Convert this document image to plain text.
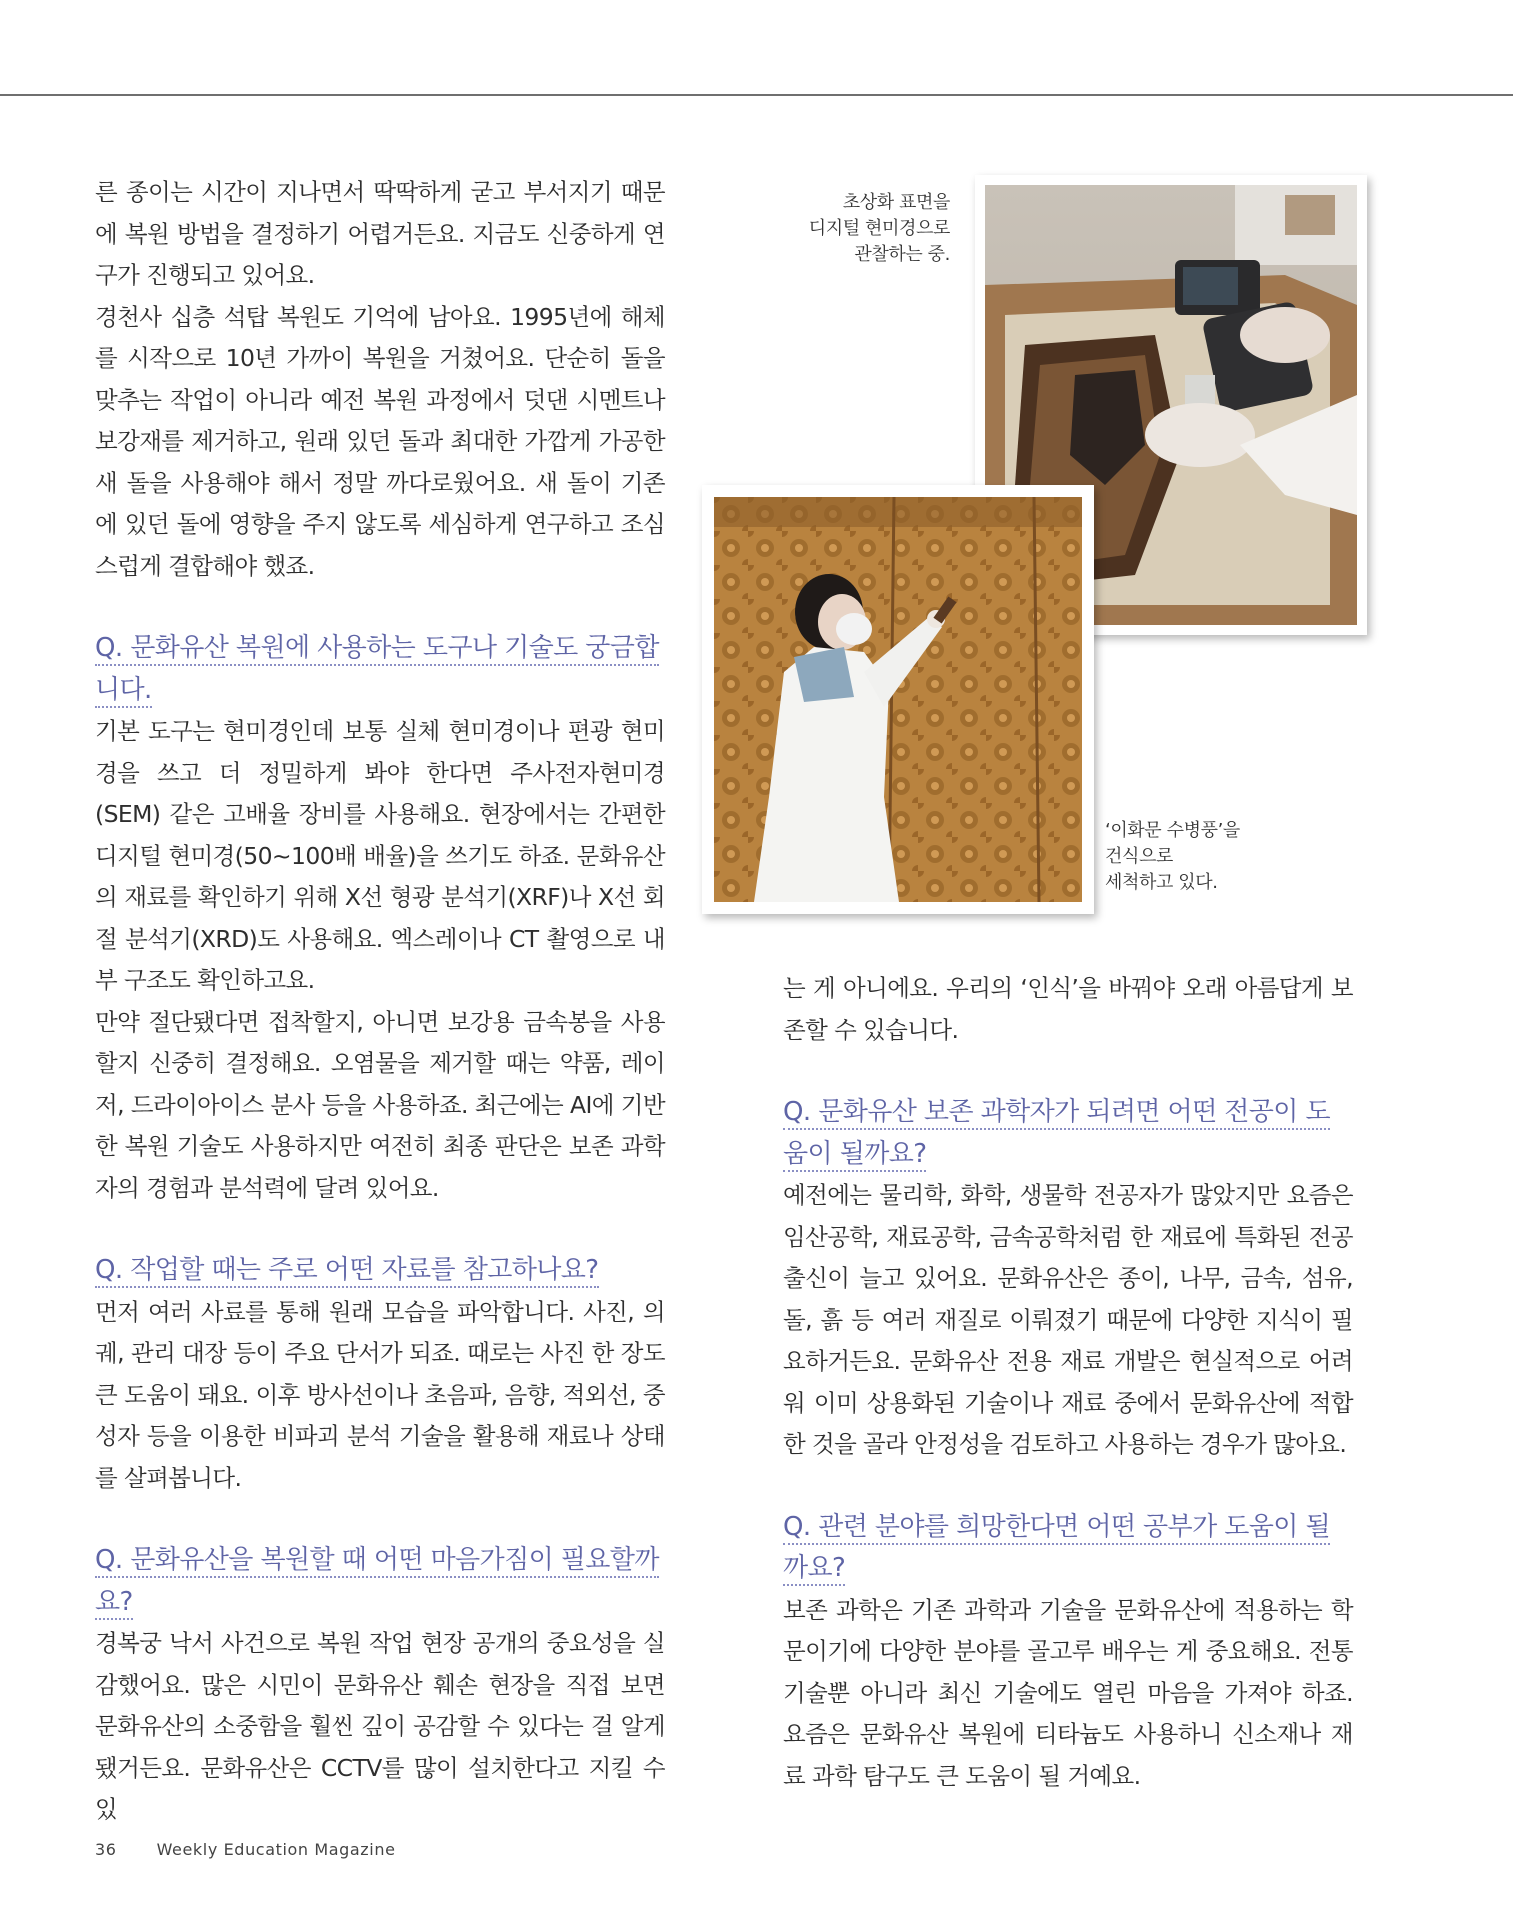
른 종이는 시간이 지나면서 딱딱하게 굳고 부서지기 때문에 복원 방법을 결정하기 어렵거든요. 지금도 신중하게 연구가 진행되고 있어요.

경천사 십층 석탑 복원도 기억에 남아요. 1995년에 해체를 시작으로 10년 가까이 복원을 거쳤어요. 단순히 돌을 맞추는 작업이 아니라 예전 복원 과정에서 덧댄 시멘트나 보강재를 제거하고, 원래 있던 돌과 최대한 가깝게 가공한 새 돌을 사용해야 해서 정말 까다로웠어요. 새 돌이 기존에 있던 돌에 영향을 주지 않도록 세심하게 연구하고 조심스럽게 결합해야 했죠.

Q. 문화유산 복원에 사용하는 도구나 기술도 궁금합니다.

기본 도구는 현미경인데 보통 실체 현미경이나 편광 현미경을 쓰고 더 정밀하게 봐야 한다면 주사전자현미경(SEM) 같은 고배율 장비를 사용해요. 현장에서는 간편한 디지털 현미경(50~100배 배율)을 쓰기도 하죠. 문화유산의 재료를 확인하기 위해 X선 형광 분석기(XRF)나 X선 회절 분석기(XRD)도 사용해요. 엑스레이나 CT 촬영으로 내부 구조도 확인하고요.

만약 절단됐다면 접착할지, 아니면 보강용 금속봉을 사용할지 신중히 결정해요. 오염물을 제거할 때는 약품, 레이저, 드라이아이스 분사 등을 사용하죠. 최근에는 AI에 기반한 복원 기술도 사용하지만 여전히 최종 판단은 보존 과학자의 경험과 분석력에 달려 있어요.

Q. 작업할 때는 주로 어떤 자료를 참고하나요?

먼저 여러 사료를 통해 원래 모습을 파악합니다. 사진, 의궤, 관리 대장 등이 주요 단서가 되죠. 때로는 사진 한 장도 큰 도움이 돼요. 이후 방사선이나 초음파, 음향, 적외선, 중성자 등을 이용한 비파괴 분석 기술을 활용해 재료나 상태를 살펴봅니다.

Q. 문화유산을 복원할 때 어떤 마음가짐이 필요할까요?

경복궁 낙서 사건으로 복원 작업 현장 공개의 중요성을 실감했어요. 많은 시민이 문화유산 훼손 현장을 직접 보면 문화유산의 소중함을 훨씬 깊이 공감할 수 있다는 걸 알게 됐거든요. 문화유산은 CCTV를 많이 설치한다고 지킬 수 있

는 게 아니에요. 우리의 ‘인식’을 바꿔야 오래 아름답게 보존할 수 있습니다.

Q. 문화유산 보존 과학자가 되려면 어떤 전공이 도움이 될까요?

예전에는 물리학, 화학, 생물학 전공자가 많았지만 요즘은 임산공학, 재료공학, 금속공학처럼 한 재료에 특화된 전공 출신이 늘고 있어요. 문화유산은 종이, 나무, 금속, 섬유, 돌, 흙 등 여러 재질로 이뤄졌기 때문에 다양한 지식이 필요하거든요. 문화유산 전용 재료 개발은 현실적으로 어려워 이미 상용화된 기술이나 재료 중에서 문화유산에 적합한 것을 골라 안정성을 검토하고 사용하는 경우가 많아요.

Q. 관련 분야를 희망한다면 어떤 공부가 도움이 될까요?

보존 과학은 기존 과학과 기술을 문화유산에 적용하는 학문이기에 다양한 분야를 골고루 배우는 게 중요해요. 전통 기술뿐 아니라 최신 기술에도 열린 마음을 가져야 하죠. 요즘은 문화유산 복원에 티타늄도 사용하니 신소재나 재료 과학 탐구도 큰 도움이 될 거예요.

초상화 표면을
디지털 현미경으로
관찰하는 중.
‘이화문 수병풍’을
건식으로
세척하고 있다.
36	Weekly Education Magazine
